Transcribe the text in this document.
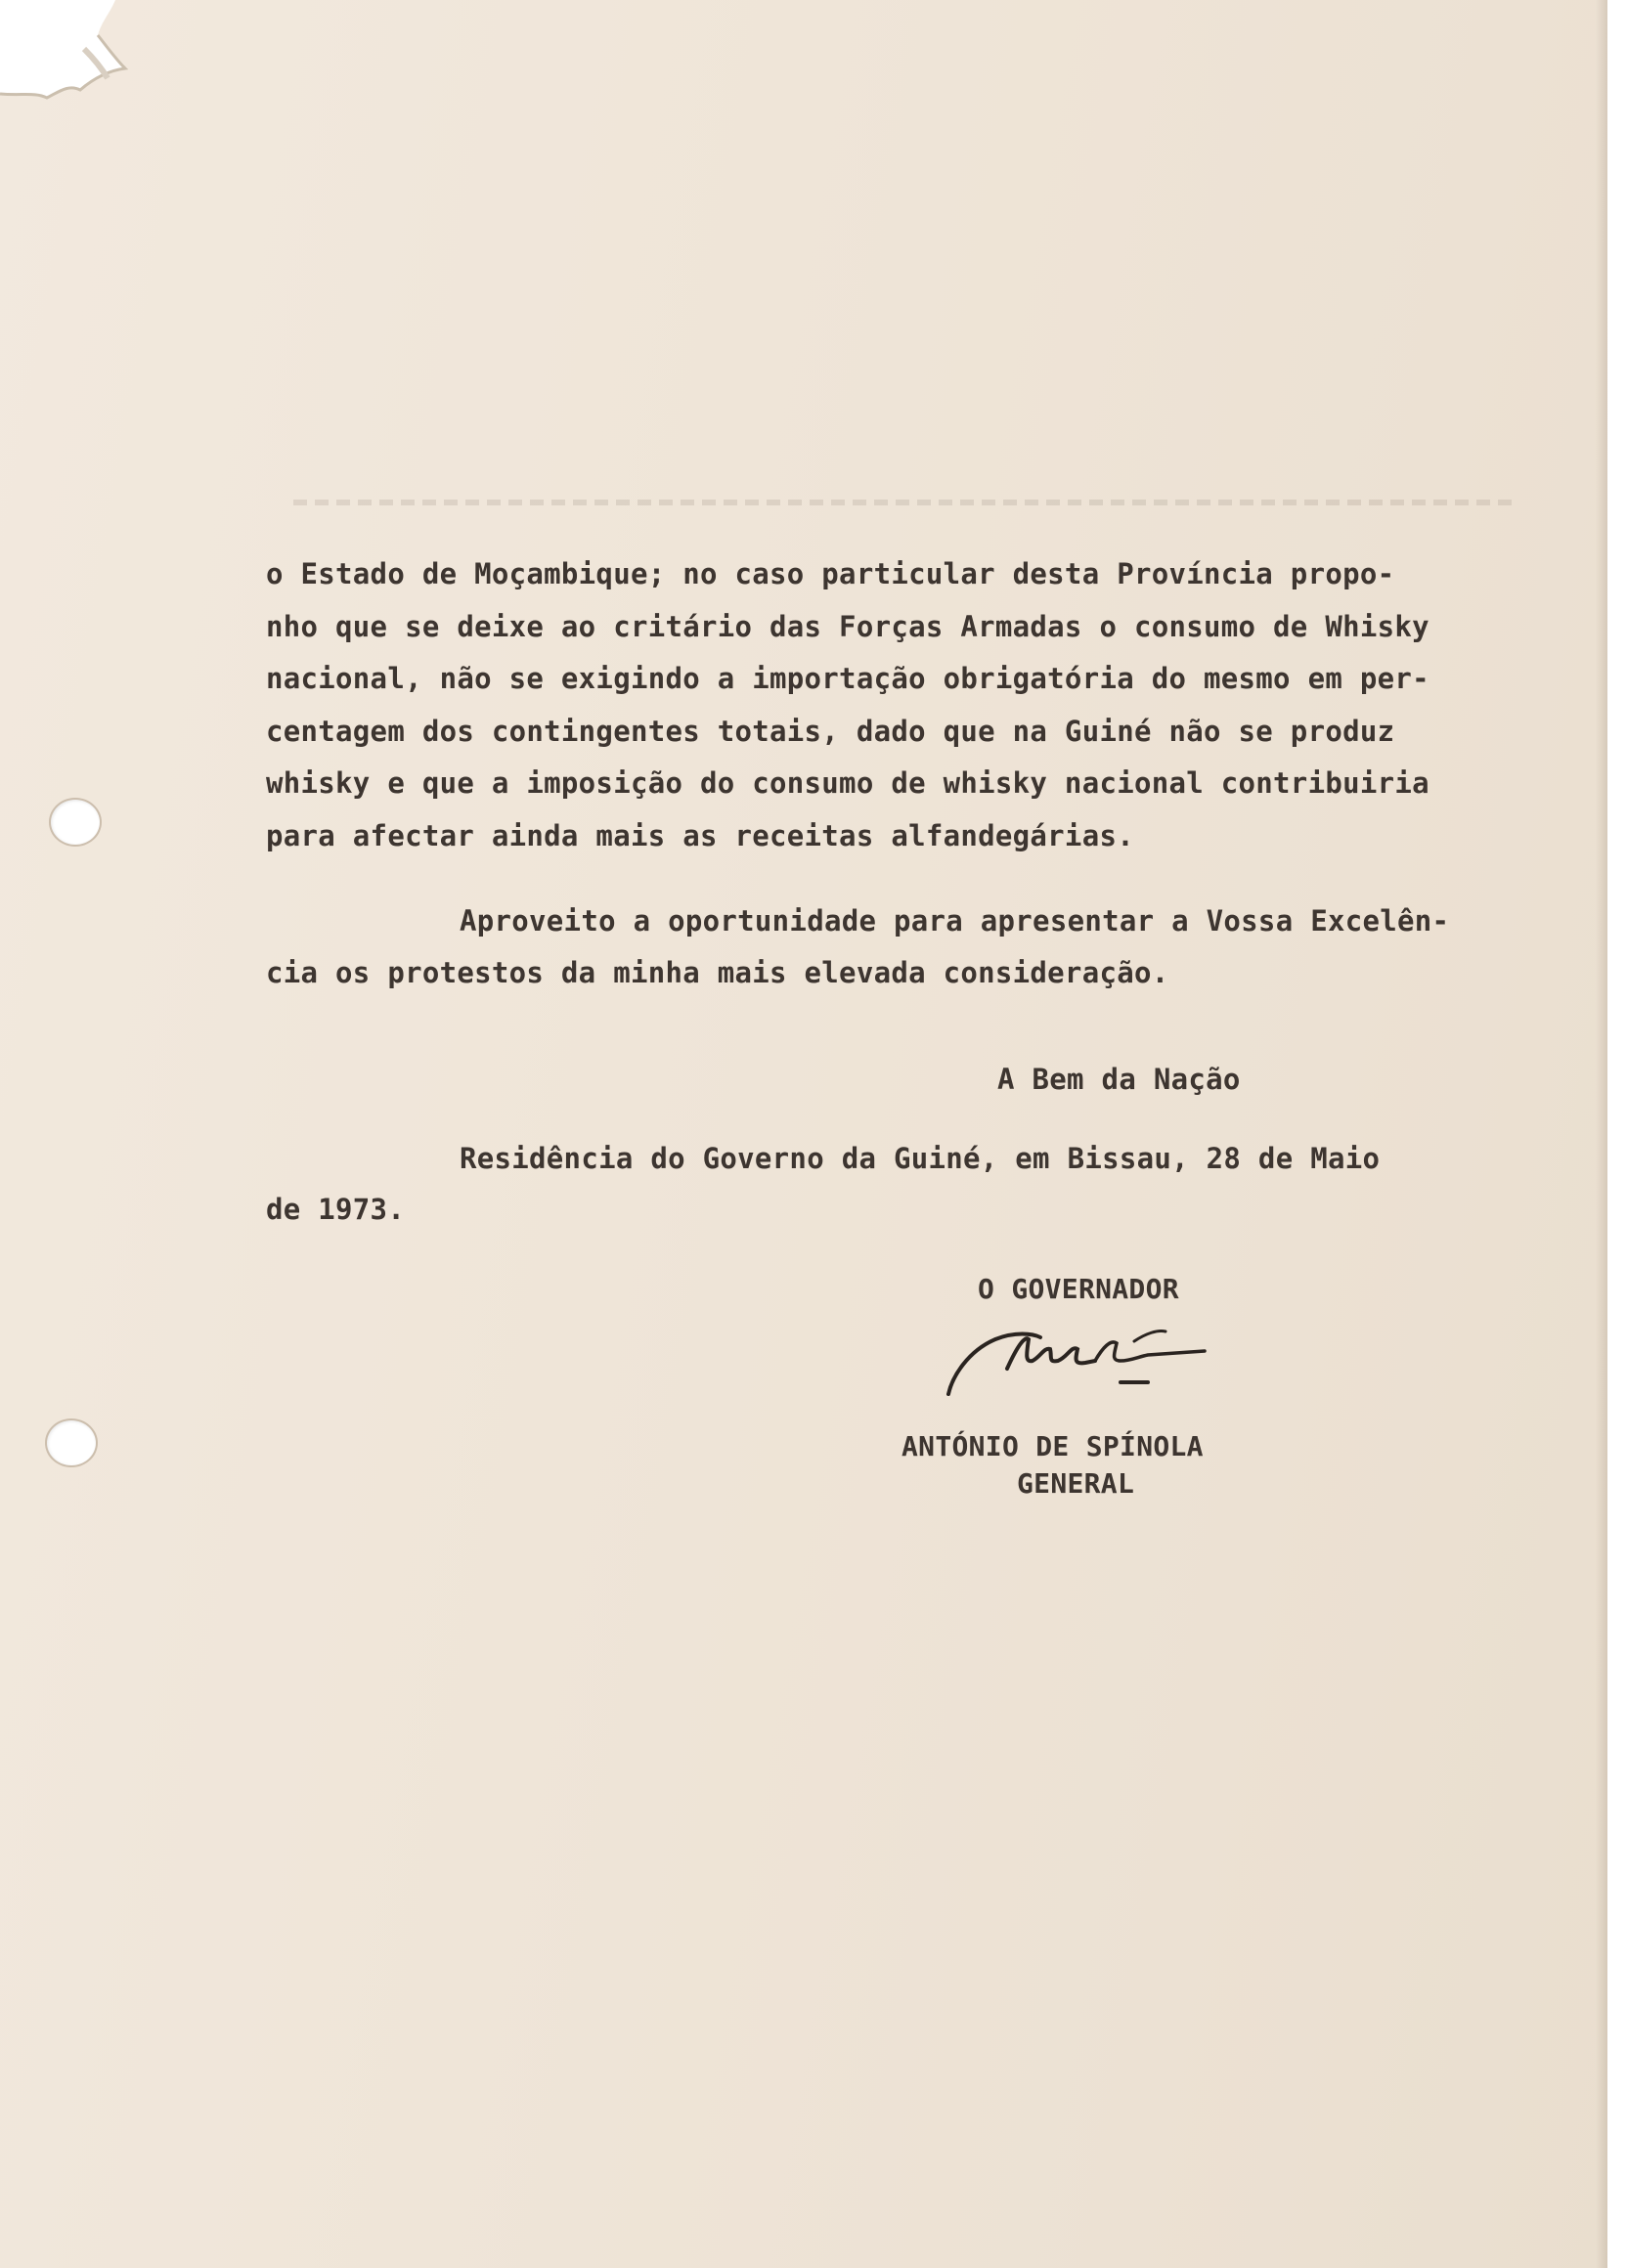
o Estado de Moçambique; no caso particular desta Província propo-
nho que se deixe ao critário das Forças Armadas o consumo de Whisky
nacional, não se exigindo a importação obrigatória do mesmo em per-
centagem dos contingentes totais, dado que na Guiné não se produz
whisky e que a imposição do consumo de whisky nacional contribuiria
para afectar ainda mais as receitas alfandegárias.
Aproveito a oportunidade para apresentar a Vossa Excelên-
cia os protestos da minha mais elevada consideração.
A Bem da Nação
Residência do Governo da Guiné, em Bissau, 28 de Maio
de 1973.
O GOVERNADOR
ANTÓNIO DE SPÍNOLA
GENERAL
